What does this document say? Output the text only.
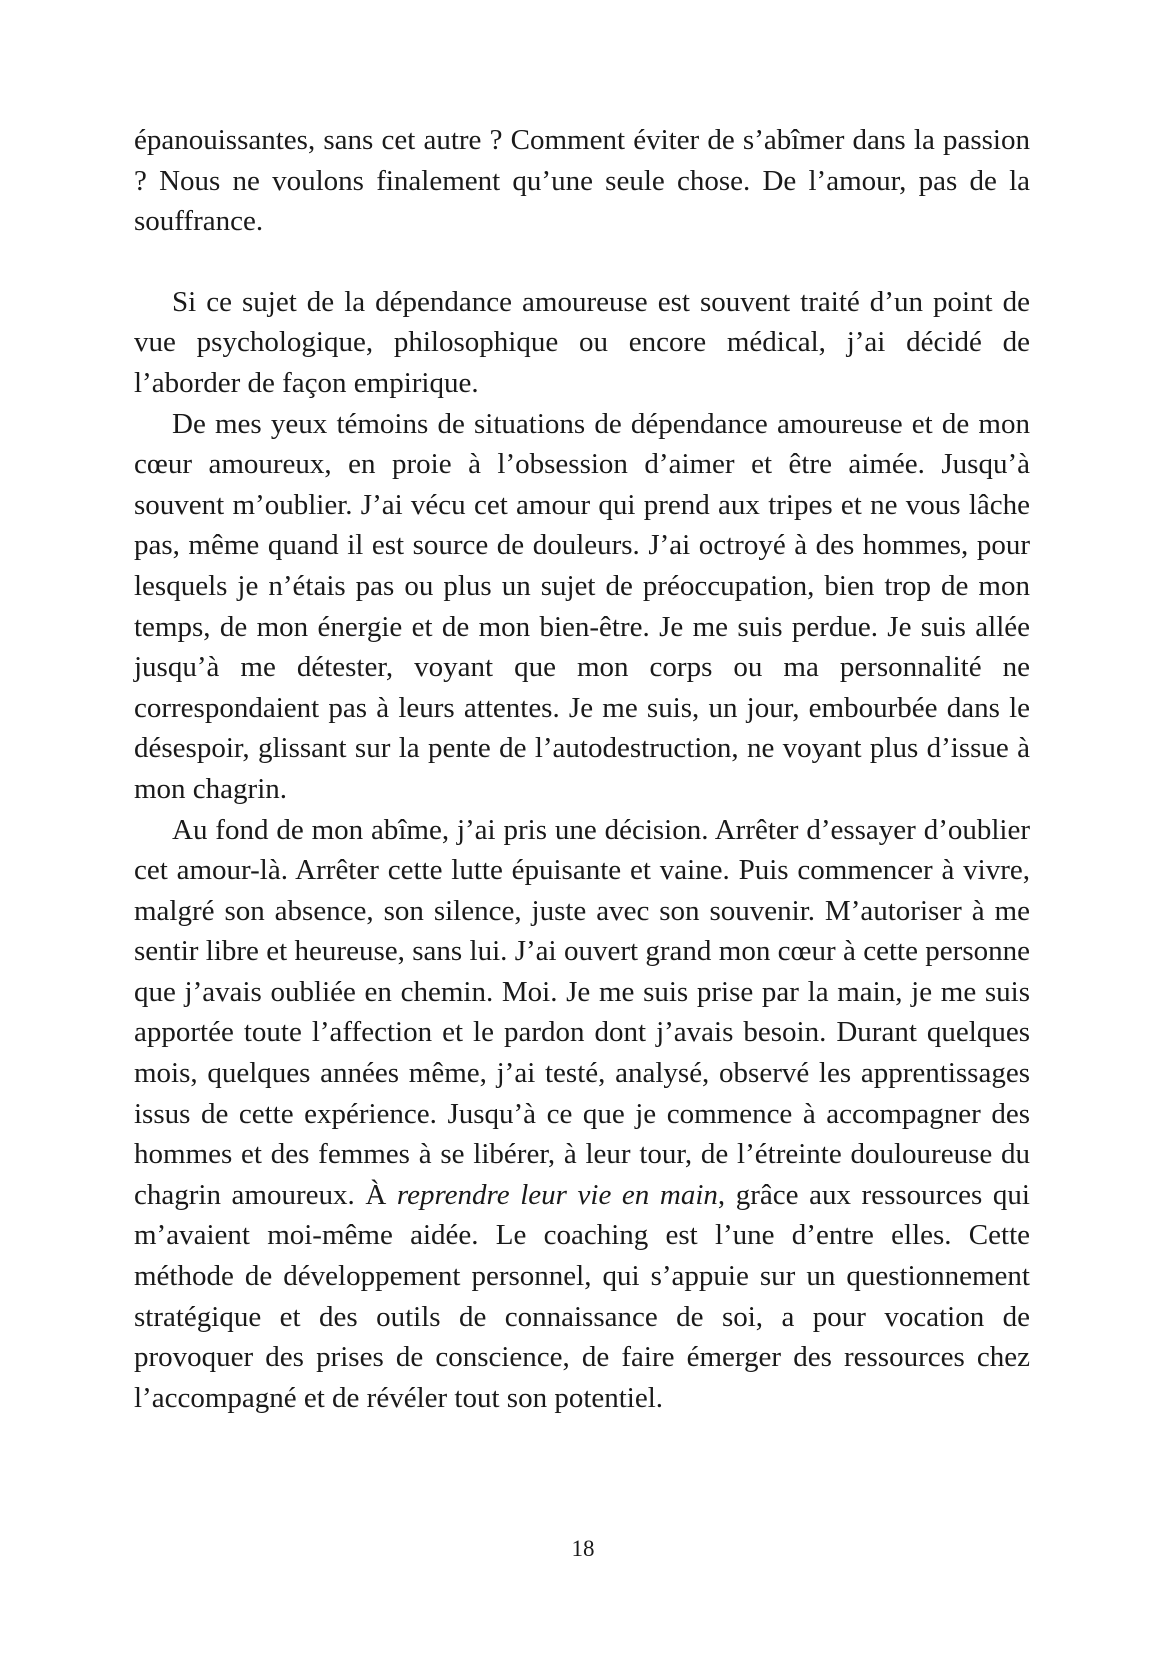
épanouissantes, sans cet autre ? Comment éviter de s’abîmer dans la passion ? Nous ne voulons finalement qu’une seule chose. De l’amour, pas de la souffrance.

Si ce sujet de la dépendance amoureuse est souvent traité d’un point de vue psychologique, philosophique ou encore médical, j’ai décidé de l’aborder de façon empirique.

De mes yeux témoins de situations de dépendance amoureuse et de mon cœur amoureux, en proie à l’obsession d’aimer et être aimée. Jusqu’à souvent m’oublier. J’ai vécu cet amour qui prend aux tripes et ne vous lâche pas, même quand il est source de douleurs. J’ai octroyé à des hommes, pour lesquels je n’étais pas ou plus un sujet de préoccupation, bien trop de mon temps, de mon énergie et de mon bien-être. Je me suis perdue. Je suis allée jusqu’à me détester, voyant que mon corps ou ma personnalité ne correspondaient pas à leurs attentes. Je me suis, un jour, embourbée dans le désespoir, glissant sur la pente de l’autodestruction, ne voyant plus d’issue à mon chagrin.

Au fond de mon abîme, j’ai pris une décision. Arrêter d’essayer d’oublier cet amour-là. Arrêter cette lutte épuisante et vaine. Puis commencer à vivre, malgré son absence, son silence, juste avec son souvenir. M’autoriser à me sentir libre et heureuse, sans lui. J’ai ouvert grand mon cœur à cette personne que j’avais oubliée en chemin. Moi. Je me suis prise par la main, je me suis apportée toute l’affection et le pardon dont j’avais besoin. Durant quelques mois, quelques années même, j’ai testé, analysé, observé les apprentissages issus de cette expérience. Jusqu’à ce que je commence à accompagner des hommes et des femmes à se libérer, à leur tour, de l’étreinte douloureuse du chagrin amoureux. À reprendre leur vie en main, grâce aux ressources qui m’avaient moi-même aidée. Le coaching est l’une d’entre elles. Cette méthode de développement personnel, qui s’appuie sur un questionnement stratégique et des outils de connaissance de soi, a pour vocation de provoquer des prises de conscience, de faire émerger des ressources chez l’accompagné et de révéler tout son potentiel.

18
